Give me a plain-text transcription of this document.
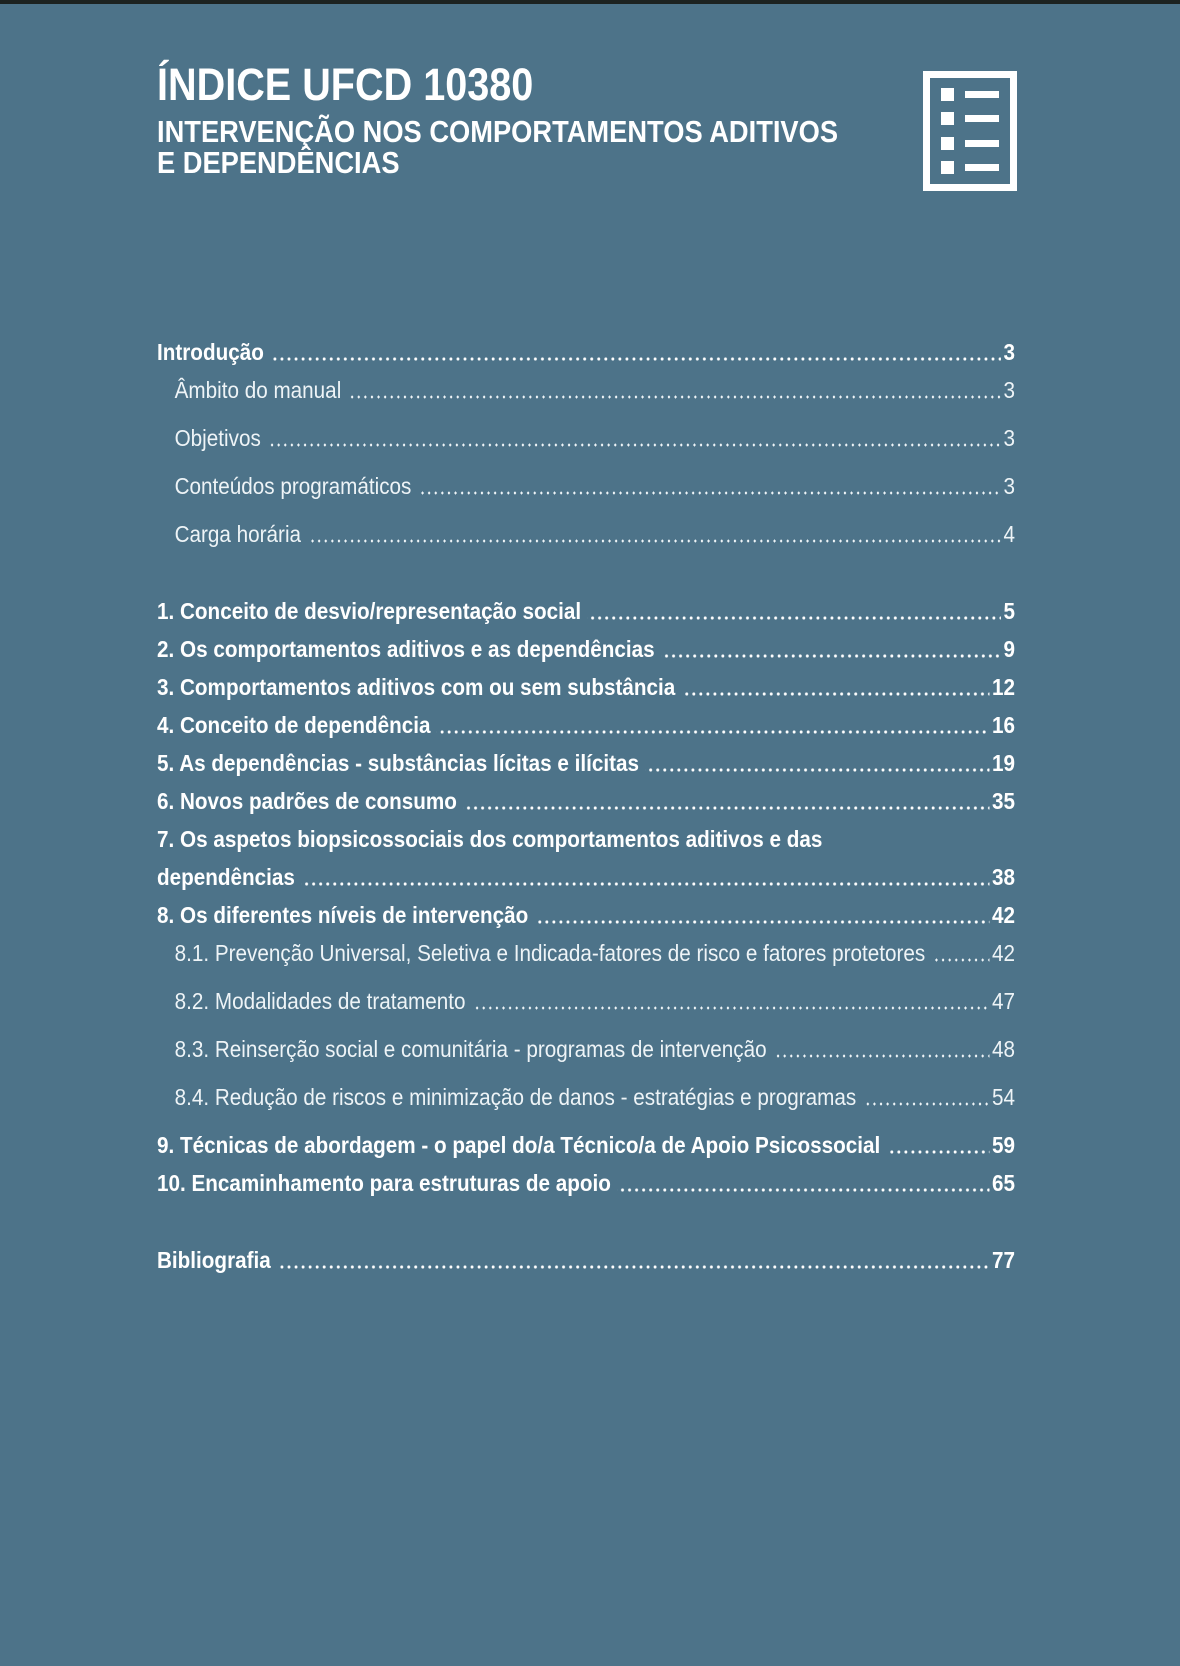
ÍNDICE UFCD 10380
INTERVENÇÃO NOS COMPORTAMENTOS ADITIVOS
E DEPENDÊNCIAS
Introdução	3
Âmbito do manual	3
Objetivos	3
Conteúdos programáticos	3
Carga horária	4
1. Conceito de desvio/representação social	5
2. Os comportamentos aditivos e as dependências	9
3. Comportamentos aditivos com ou sem substância	12
4. Conceito de dependência	16
5. As dependências - substâncias lícitas e ilícitas	19
6. Novos padrões de consumo	35
7. Os aspetos biopsicossociais dos comportamentos aditivos e das
dependências	38
8. Os diferentes níveis de intervenção	42
8.1. Prevenção Universal, Seletiva e Indicada-fatores de risco e fatores protetores	42
8.2. Modalidades de tratamento	47
8.3. Reinserção social e comunitária - programas de intervenção	48
8.4. Redução de riscos e minimização de danos - estratégias e programas	54
9. Técnicas de abordagem - o papel do/a Técnico/a de Apoio Psicossocial	59
10. Encaminhamento para estruturas de apoio	65
Bibliografia	77
